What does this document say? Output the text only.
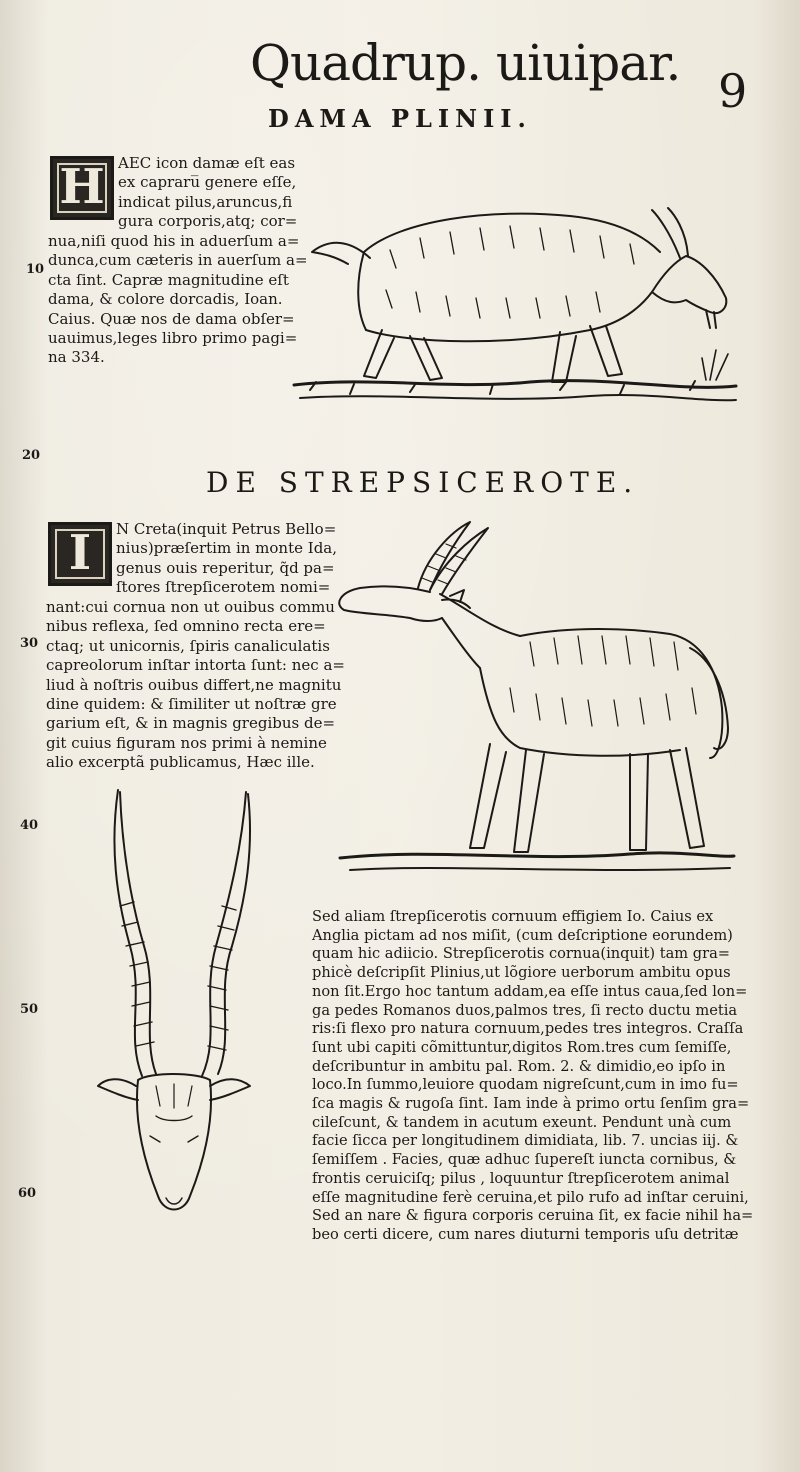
Quadrup. uiuipar. 9
DAMA PLINII.
10
20
30
40
50
60
H AEC icon damæ eſt eas
ex capraru̅ genere eſſe,
indicat pilus,aruncus,fi
gura corporis,atq; cor=
nua,niſi quod his in aduerſum a=
dunca,cum cæteris in auerſum a=
cta ſint. Capræ magnitudine eſt
dama, & colore dorcadis, Ioan.
Caius. Quæ nos de dama obſer=
uauimus,leges libro primo pagi=
na 334.
DE STREPSICEROTE.
I	N Creta(inquit Petrus Bello=
nius)præſertim in monte Ida,
genus ouis reperitur, q̃d pa=
ſtores ſtrepſicerotem nomi=
nant:cui cornua non ut ouibus commu
nibus reflexa, ſed omnino recta ere=
ctaq; ut unicornis, ſpiris canaliculatis
capreolorum inſtar intorta ſunt: nec a=
liud à noſtris ouibus differt,ne magnitu
dine quidem: & ſimiliter ut noſtræ gre
garium eſt, & in magnis gregibus de=
git cuius figuram nos primi à nemine
alio excerptã publicamus, Hæc ille.
Sed aliam ſtrepſicerotis cornuum effigiem Io. Caius ex
Anglia pictam ad nos miſit, (cum deſcriptione eorundem)
quam hic adiicio. Strepſicerotis cornua(inquit) tam gra=
phicè deſcripſit Plinius,ut lõgiore uerborum ambitu opus
non ſit.Ergo hoc tantum addam,ea eſſe intus caua,ſed lon=
ga pedes Romanos duos,palmos tres, ſi recto ductu metia
ris:ſi flexo pro natura cornuum,pedes tres integros. Craſſa
ſunt ubi capiti cõmittuntur,digitos Rom.tres cum ſemiſſe,
deſcribuntur in ambitu pal. Rom. 2. & dimidio,eo ipſo in
loco.In ſummo,leuiore quodam nigreſcunt,cum in imo fu=
ſca magis & rugoſa ſint. Iam inde à primo ortu ſenſim gra=
cileſcunt, & tandem in acutum exeunt. Pendunt unà cum
facie ſicca per longitudinem dimidiata, lib. 7. uncias iij. &
ſemiſſem . Facies, quæ adhuc ſupereſt iuncta cornibus, &
frontis ceruiciſq; pilus , loquuntur ſtrepſicerotem animal
eſſe magnitudine ferè ceruina,et pilo rufo ad inſtar ceruini,
Sed an nare & figura corporis ceruina ſit, ex facie nihil ha=
beo certi dicere, cum nares diuturni temporis uſu detritæ
